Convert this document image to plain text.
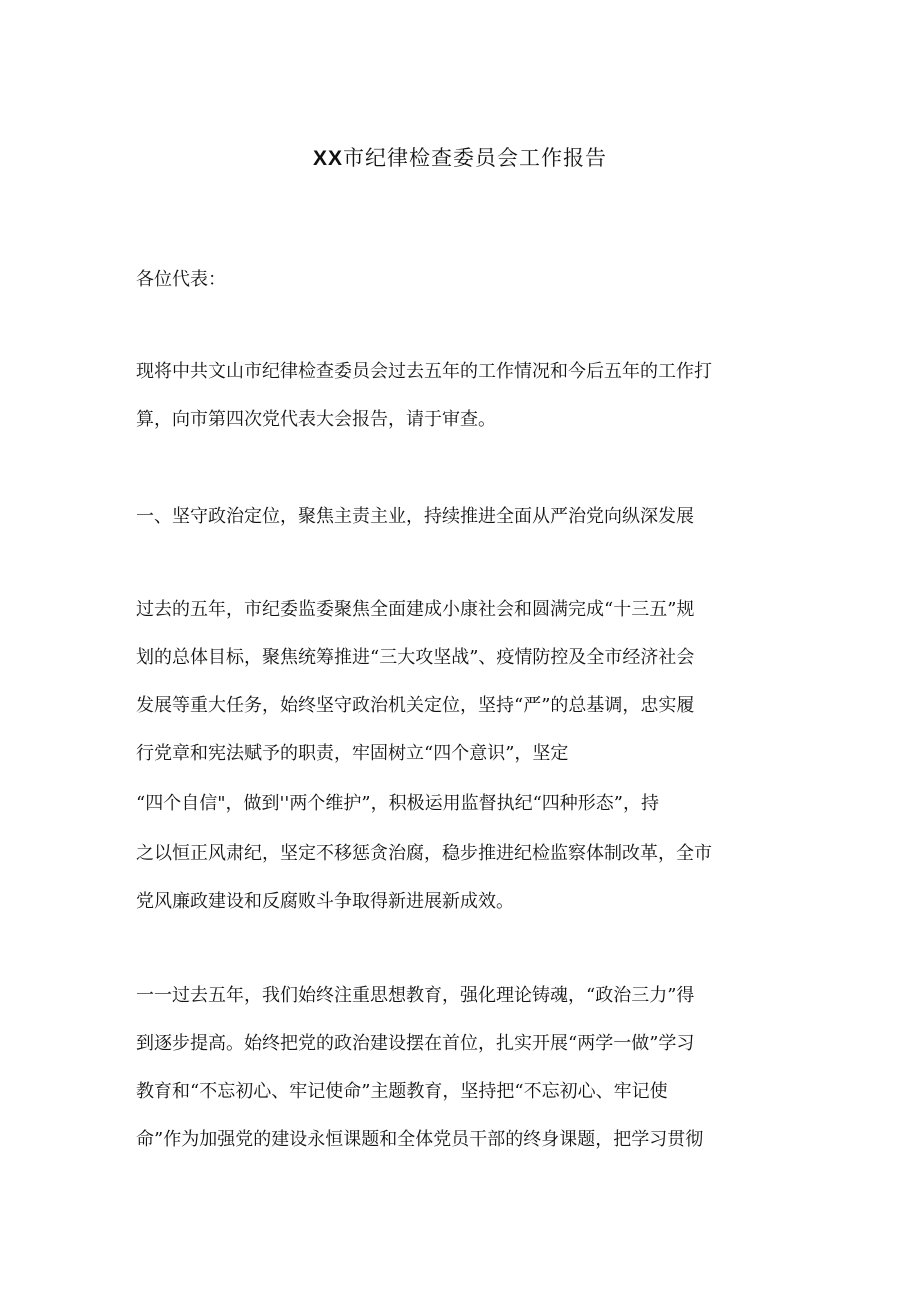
XX市纪律检查委员会工作报告

各位代表：

现将中共文山市纪律检查委员会过去五年的工作情况和今后五年的工作打

算，向市第四次党代表大会报告，请于审查。

一、坚守政治定位，聚焦主责主业，持续推进全面从严治党向纵深发展

过去的五年，市纪委监委聚焦全面建成小康社会和圆满完成“十三五”规

划的总体目标，聚焦统筹推进“三大攻坚战”、疫情防控及全市经济社会

发展等重大任务，始终坚守政治机关定位，坚持“严”的总基调，忠实履

行党章和宪法赋予的职责，牢固树立“四个意识”，坚定

“四个自信"，做到''两个维护”，积极运用监督执纪“四种形态”，持

之以恒正风肃纪，坚定不移惩贪治腐，稳步推进纪检监察体制改革，全市

党风廉政建设和反腐败斗争取得新进展新成效。

一一过去五年，我们始终注重思想教育，强化理论铸魂，“政治三力”得

到逐步提高。始终把党的政治建设摆在首位，扎实开展“两学一做”学习

教育和“不忘初心、牢记使命”主题教育，坚持把“不忘初心、牢记使

命”作为加强党的建设永恒课题和全体党员干部的终身课题，把学习贯彻
